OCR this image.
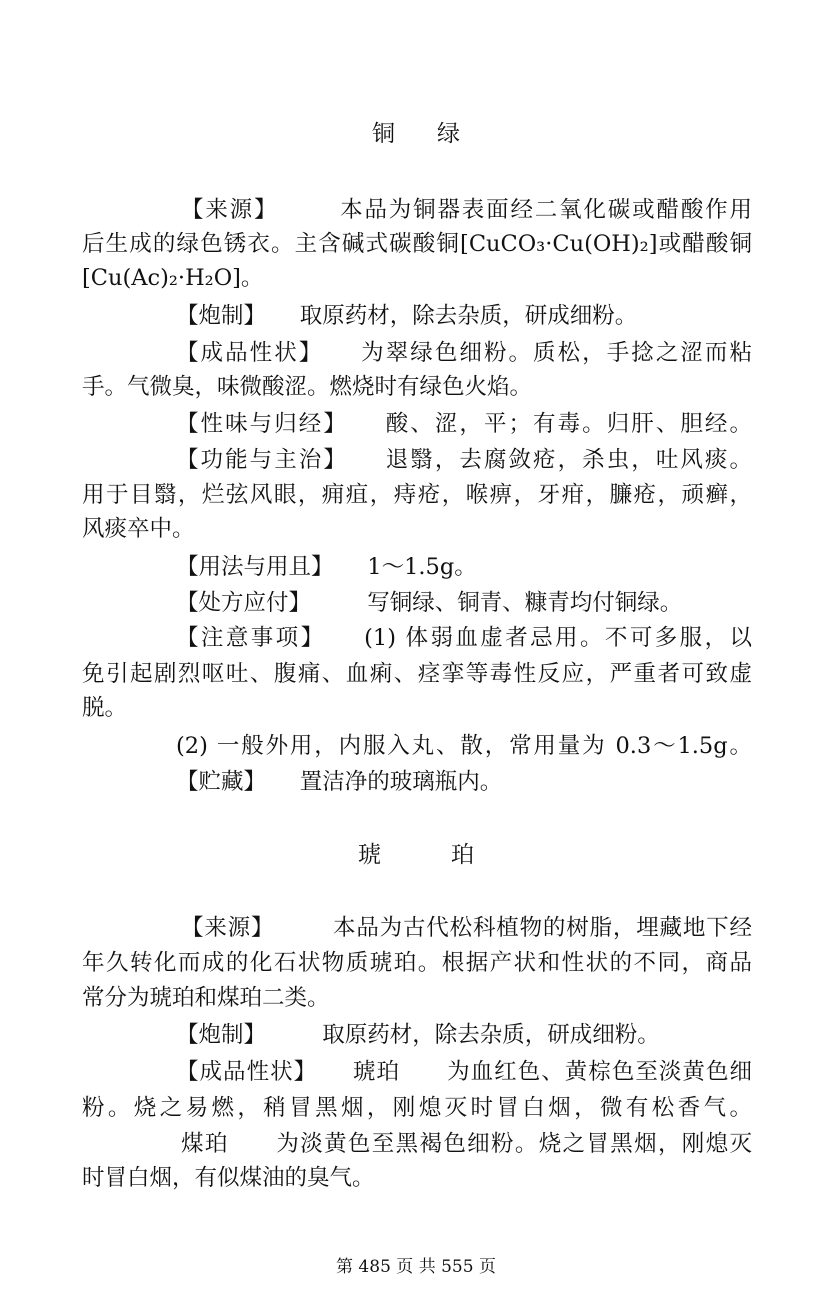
铜 绿
【来源】　　　本品为铜器表面经二氧化碳或醋酸作用
后生成的绿色锈衣。主含碱式碳酸铜[CuCO₃·Cu(OH)₂]或醋酸铜
[Cu(Ac)₂·H₂O]。
【炮制】　　取原药材，除去杂质，研成细粉。
【成品性状】　　为翠绿色细粉。质松，手捻之涩而粘
手。气微臭，味微酸涩。燃烧时有绿色火焰。
【性味与归经】　　酸、涩，平；有毒。归肝、胆经。
【功能与主治】　　退翳，去腐敛疮，杀虫，吐风痰。
用于目翳，烂弦风眼，痈疽，痔疮，喉痹，牙疳，臁疮，顽癣，
风痰卒中。
【用法与用且】　　1～1.5g。
【处方应付】　　　写铜绿、铜青、糠青均付铜绿。
【注意事项】　　(1) 体弱血虚者忌用。不可多服，以
免引起剧烈呕吐、腹痛、血痢、痉挛等毒性反应，严重者可致虚
脱。
(2) 一般外用，内服入丸、散，常用量为 0.3～1.5g。
【贮藏】　　置洁净的玻璃瓶内。
琥	珀
【来源】　　　本品为古代松科植物的树脂，埋藏地下经
年久转化而成的化石状物质琥珀。根据产状和性状的不同，商品
常分为琥珀和煤珀二类。
【炮制】　　　取原药材，除去杂质，研成细粉。
【成品性状】　　琥珀　　为血红色、黄棕色至淡黄色细
粉。烧之易燃，稍冒黑烟，刚熄灭时冒白烟，微有松香气。
煤珀　　为淡黄色至黑褐色细粉。烧之冒黑烟，刚熄灭
时冒白烟，有似煤油的臭气。
第 485 页 共 555 页
